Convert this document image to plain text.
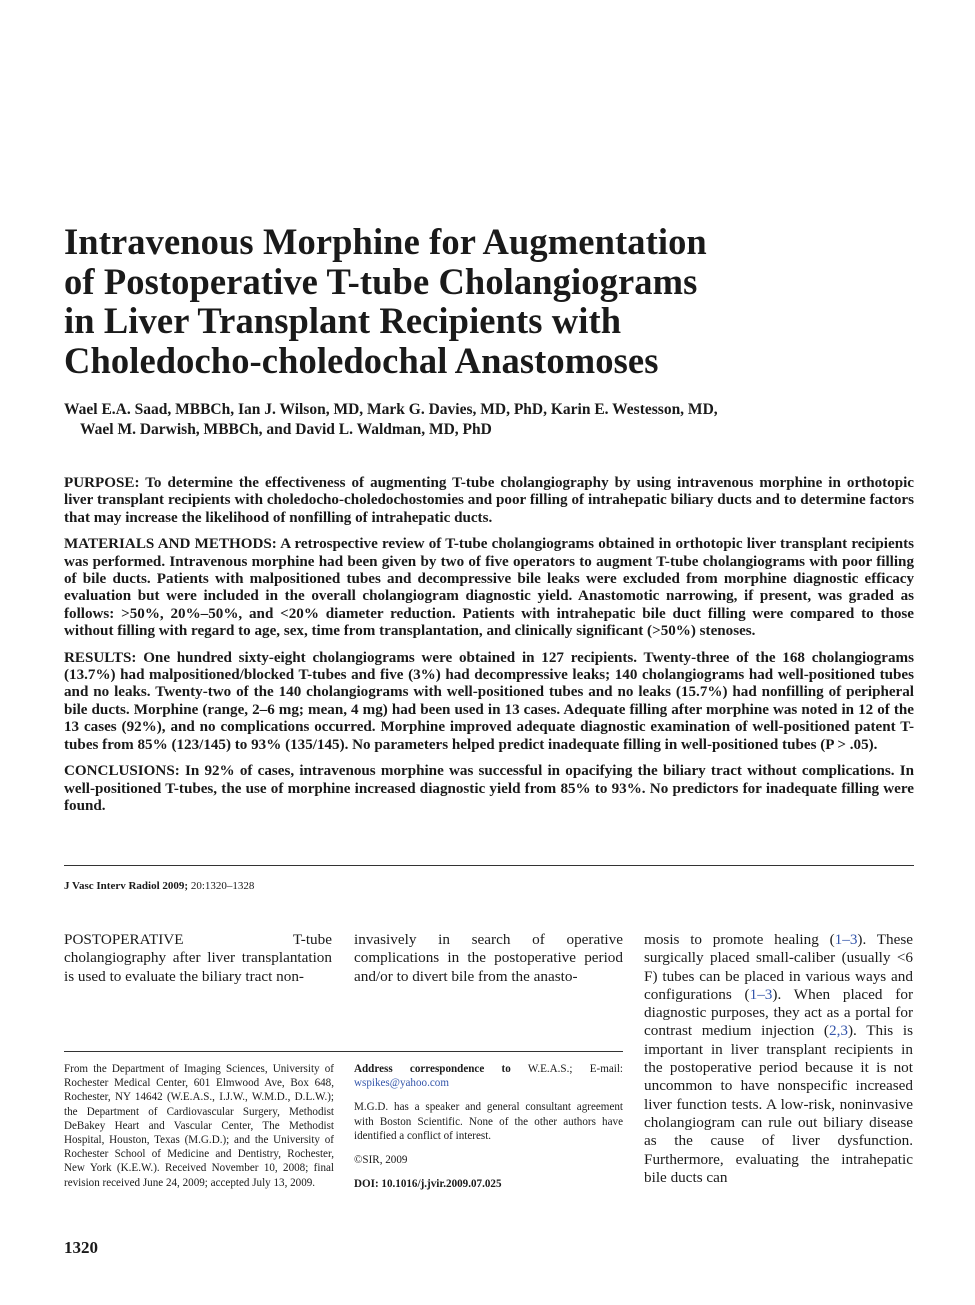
Intravenous Morphine for Augmentation
of Postoperative T-tube Cholangiograms
in Liver Transplant Recipients with
Choledocho-choledochal Anastomoses
Wael E.A. Saad, MBBCh, Ian J. Wilson, MD, Mark G. Davies, MD, PhD, Karin E. Westesson, MD,
Wael M. Darwish, MBBCh, and David L. Waldman, MD, PhD

PURPOSE: To determine the effectiveness of augmenting T-tube cholangiography by using intravenous morphine in orthotopic liver transplant recipients with choledocho-choledochostomies and poor filling of intrahepatic biliary ducts and to determine factors that may increase the likelihood of nonfilling of intrahepatic ducts.

MATERIALS AND METHODS: A retrospective review of T-tube cholangiograms obtained in orthotopic liver transplant recipients was performed. Intravenous morphine had been given by two of five operators to augment T-tube cholangiograms with poor filling of bile ducts. Patients with malpositioned tubes and decompressive bile leaks were excluded from morphine diagnostic efficacy evaluation but were included in the overall cholangiogram diagnostic yield. Anastomotic narrowing, if present, was graded as follows: >50%, 20%–50%, and <20% diameter reduction. Patients with intrahepatic bile duct filling were compared to those without filling with regard to age, sex, time from transplantation, and clinically significant (>50%) stenoses.

RESULTS: One hundred sixty-eight cholangiograms were obtained in 127 recipients. Twenty-three of the 168 cholangiograms (13.7%) had malpositioned/blocked T-tubes and five (3%) had decompressive leaks; 140 cholangiograms had well-positioned tubes and no leaks. Twenty-two of the 140 cholangiograms with well-positioned tubes and no leaks (15.7%) had nonfilling of peripheral bile ducts. Morphine (range, 2–6 mg; mean, 4 mg) had been used in 13 cases. Adequate filling after morphine was noted in 12 of the 13 cases (92%), and no complications occurred. Morphine improved adequate diagnostic examination of well-positioned patent T-tubes from 85% (123/145) to 93% (135/145). No parameters helped predict inadequate filling in well-positioned tubes (P > .05).

CONCLUSIONS: In 92% of cases, intravenous morphine was successful in opacifying the biliary tract without complications. In well-positioned T-tubes, the use of morphine increased diagnostic yield from 85% to 93%. No predictors for inadequate filling were found.

J Vasc Interv Radiol 2009; 20:1320–1328

POSTOPERATIVE T-tube cholangiography after liver transplantation is used to evaluate the biliary tract non-

invasively in search of operative complications in the postoperative period and/or to divert bile from the anasto-

mosis to promote healing (1–3). These surgically placed small-caliber (usually <6 F) tubes can be placed in various ways and configurations (1–3). When placed for diagnostic purposes, they act as a portal for contrast medium injection (2,3). This is important in liver transplant recipients in the postoperative period because it is not uncommon to have nonspecific increased liver function tests. A low-risk, noninvasive cholangiogram can rule out biliary disease as the cause of liver dysfunction. Furthermore, evaluating the intrahepatic bile ducts can

From the Department of Imaging Sciences, University of Rochester Medical Center, 601 Elmwood Ave, Box 648, Rochester, NY 14642 (W.E.A.S., I.J.W., W.M.D., D.L.W.); the Department of Cardiovascular Surgery, Methodist DeBakey Heart and Vascular Center, The Methodist Hospital, Houston, Texas (M.G.D.); and the University of Rochester School of Medicine and Dentistry, Rochester, New York (K.E.W.). Received November 10, 2008; final revision received June 24, 2009; accepted July 13, 2009.

Address correspondence to W.E.A.S.; E-mail: wspikes@yahoo.com

M.G.D. has a speaker and general consultant agreement with Boston Scientific. None of the other authors have identified a conflict of interest.

©SIR, 2009

DOI: 10.1016/j.jvir.2009.07.025

1320
